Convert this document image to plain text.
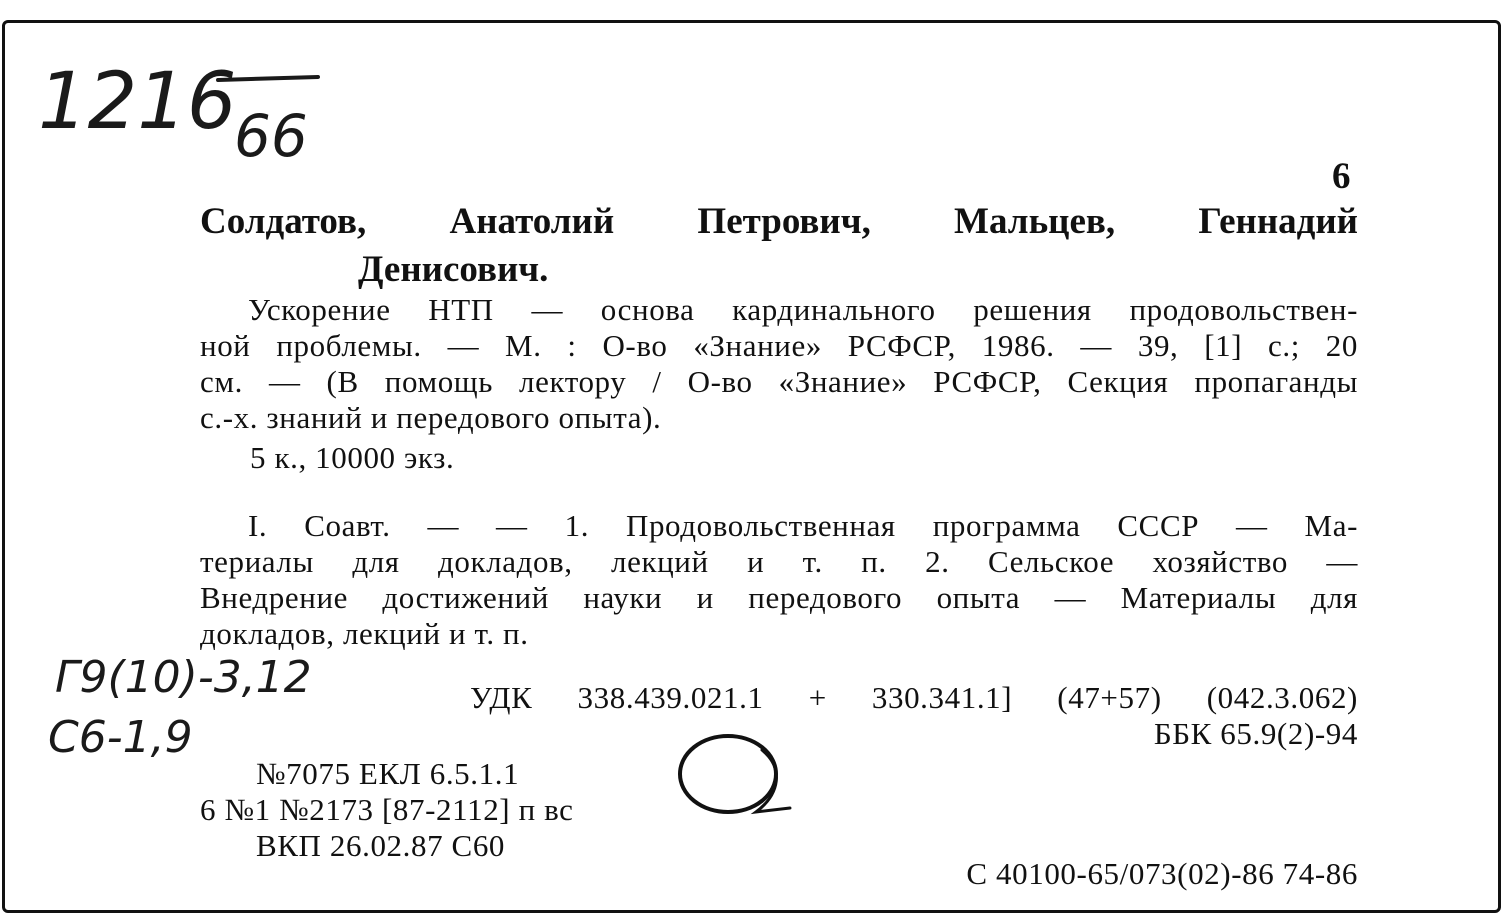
1216
66
6
Солдатов, Анатолий Петрович, Мальцев, Геннадий
Денисович.
Ускорение НТП — основа кардинального решения продовольствен-
ной проблемы. — М. : О-во «Знание» РСФСР, 1986. — 39, [1] с.; 20
см. — (В помощь лектору / О-во «Знание» РСФСР, Секция пропаганды
с.-х. знаний и передового опыта).
5 к., 10000 экз.
I. Соавт. — — 1. Продовольственная программа СССР — Ма-
териалы для докладов, лекций и т. п. 2. Сельское хозяйство —
Внедрение достижений науки и передового опыта — Материалы для
докладов, лекций и т. п.
Г9(10)-3,12
С6-1,9
УДК 338.439.021.1 + 330.341.1] (47+57) (042.3.062)
ББК 65.9(2)-94
№7075 ЕКЛ 6.5.1.1
6 №1 №2173 [87-2112] п вс
ВКП 26.02.87 С60
С 40100-65/073(02)-86 74-86
